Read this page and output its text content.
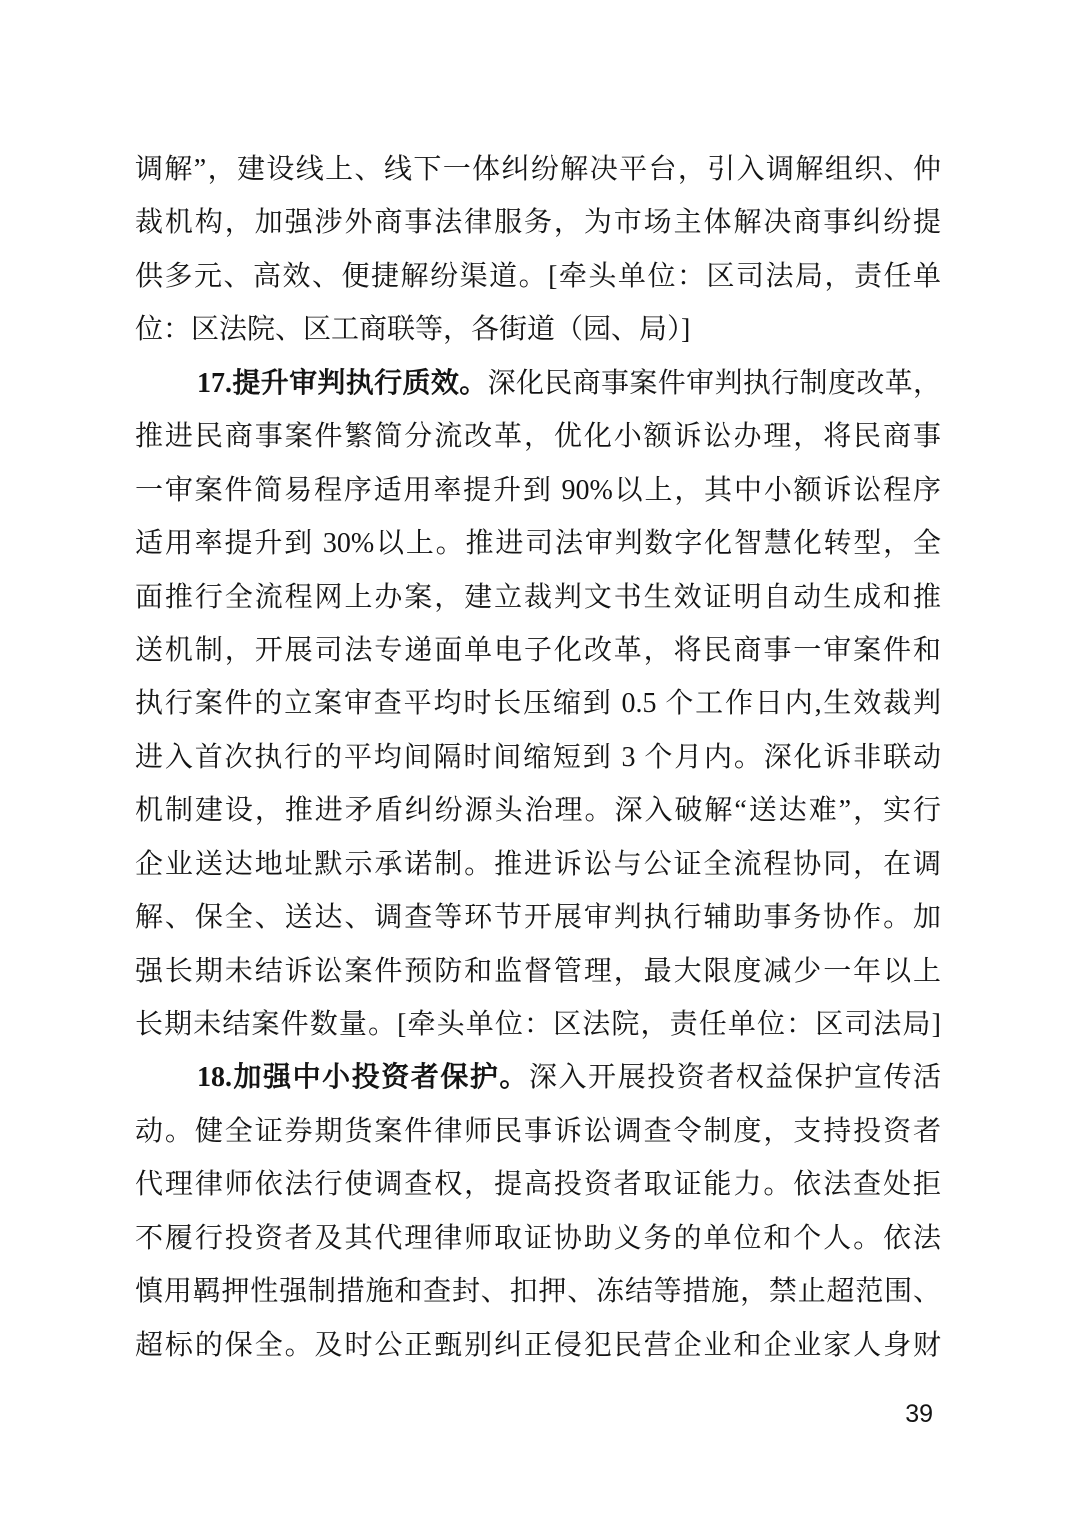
调解”，建设线上、线下一体纠纷解决平台，引入调解组织、仲
裁机构，加强涉外商事法律服务，为市场主体解决商事纠纷提
供多元、高效、便捷解纷渠道。[牵头单位：区司法局，责任单
位：区法院、区工商联等，各街道（园、局）]
17.提升审判执行质效。深化民商事案件审判执行制度改革，
推进民商事案件繁简分流改革，优化小额诉讼办理，将民商事
一审案件简易程序适用率提升到 90%以上，其中小额诉讼程序
适用率提升到 30%以上。推进司法审判数字化智慧化转型，全
面推行全流程网上办案，建立裁判文书生效证明自动生成和推
送机制，开展司法专递面单电子化改革，将民商事一审案件和
执行案件的立案审查平均时长压缩到 0.5 个工作日内,生效裁判
进入首次执行的平均间隔时间缩短到 3 个月内。深化诉非联动
机制建设，推进矛盾纠纷源头治理。深入破解“送达难”，实行
企业送达地址默示承诺制。推进诉讼与公证全流程协同，在调
解、保全、送达、调查等环节开展审判执行辅助事务协作。加
强长期未结诉讼案件预防和监督管理，最大限度减少一年以上
长期未结案件数量。[牵头单位：区法院，责任单位：区司法局]
18.加强中小投资者保护。深入开展投资者权益保护宣传活
动。健全证券期货案件律师民事诉讼调查令制度，支持投资者
代理律师依法行使调查权，提高投资者取证能力。依法查处拒
不履行投资者及其代理律师取证协助义务的单位和个人。依法
慎用羁押性强制措施和查封、扣押、冻结等措施，禁止超范围、
超标的保全。及时公正甄别纠正侵犯民营企业和企业家人身财
39
